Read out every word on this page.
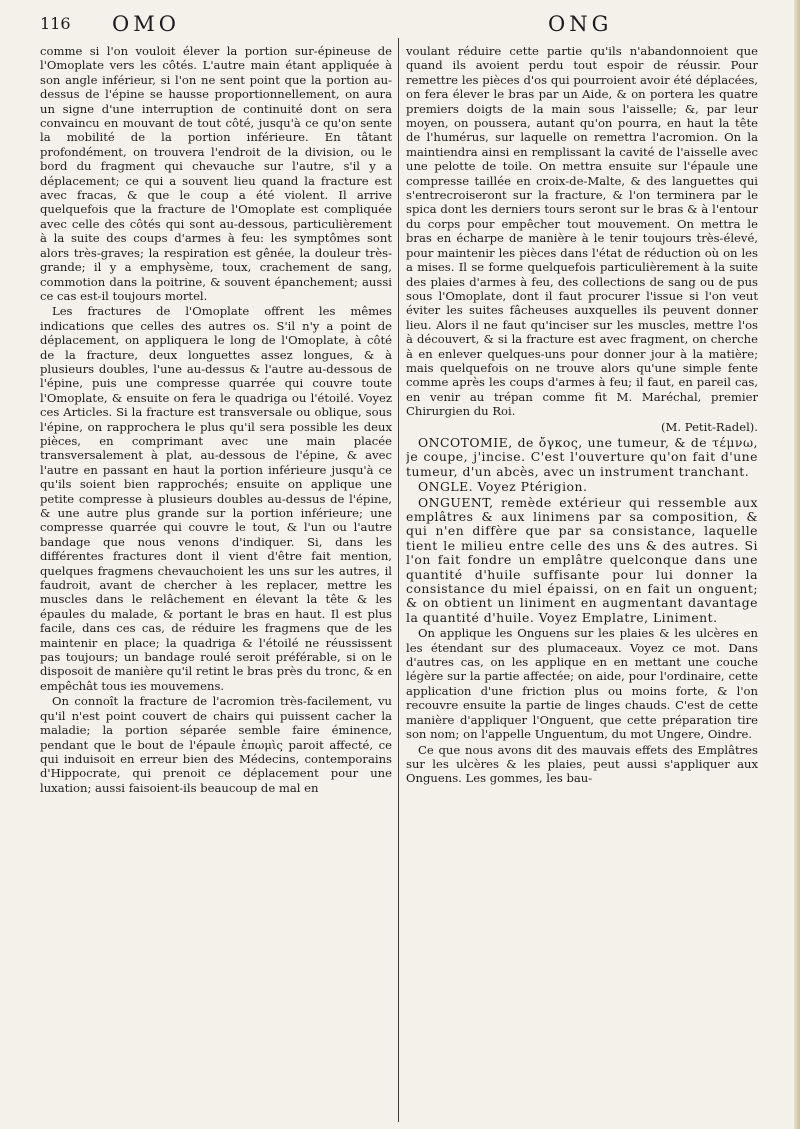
116 OMO	ONG

comme si l'on vouloit élever la portion sur-épineuse de l'Omoplate vers les côtés. L'autre main étant appliquée à son angle inférieur, si l'on ne sent point que la portion au-dessus de l'épine se hausse proportionnellement, on aura un signe d'une interruption de continuité dont on sera convaincu en mouvant de tout côté, jusqu'à ce qu'on sente la mobilité de la portion inférieure. En tâtant profondément, on trouvera l'endroit de la division, ou le bord du fragment qui chevauche sur l'autre, s'il y a déplacement; ce qui a souvent lieu quand la fracture est avec fracas, & que le coup a été violent. Il arrive quelquefois que la fracture de l'Omoplate est compliquée avec celle des côtés qui sont au-dessous, particulièrement à la suite des coups d'armes à feu: les symptômes sont alors très-graves; la respiration est gênée, la douleur très-grande; il y a emphysème, toux, crachement de sang, commotion dans la poitrine, & souvent épanchement; aussi ce cas est-il toujours mortel.

Les fractures de l'Omoplate offrent les mêmes indications que celles des autres os. S'il n'y a point de déplacement, on appliquera le long de l'Omoplate, à côté de la fracture, deux longuettes assez longues, & à plusieurs doubles, l'une au-dessus & l'autre au-dessous de l'épine, puis une compresse quarrée qui couvre toute l'Omoplate, & ensuite on fera le quadriga ou l'étoilé. Voyez ces Articles. Si la fracture est transversale ou oblique, sous l'épine, on rapprochera le plus qu'il sera possible les deux pièces, en comprimant avec une main placée transversalement à plat, au-dessous de l'épine, & avec l'autre en passant en haut la portion inférieure jusqu'à ce qu'ils soient bien rapprochés; ensuite on applique une petite compresse à plusieurs doubles au-dessus de l'épine, & une autre plus grande sur la portion inférieure; une compresse quarrée qui couvre le tout, & l'un ou l'autre bandage que nous venons d'indiquer. Si, dans les différentes fractures dont il vient d'être fait mention, quelques fragmens chevauchoient les uns sur les autres, il faudroit, avant de chercher à les replacer, mettre les muscles dans le relâchement en élevant la tête & les épaules du malade, & portant le bras en haut. Il est plus facile, dans ces cas, de réduire les fragmens que de les maintenir en place; la quadriga & l'étoilé ne réussissent pas toujours; un bandage roulé seroit préférable, si on le disposoit de manière qu'il retint le bras près du tronc, & en empêchât tous ies mouvemens.

On connoît la fracture de l'acromion très-facilement, vu qu'il n'est point couvert de chairs qui puissent cacher la maladie; la portion séparée semble faire éminence, pendant que le bout de l'épaule ἐπωμὶς paroit affecté, ce qui induisoit en erreur bien des Médecins, contemporains d'Hippocrate, qui prenoit ce déplacement pour une luxation; aussi faisoient-ils beaucoup de mal en

voulant réduire cette partie qu'ils n'abandonnoient que quand ils avoient perdu tout espoir de réussir. Pour remettre les pièces d'os qui pourroient avoir été déplacées, on fera élever le bras par un Aide, & on portera les quatre premiers doigts de la main sous l'aisselle; &, par leur moyen, on poussera, autant qu'on pourra, en haut la tête de l'humérus, sur laquelle on remettra l'acromion. On la maintiendra ainsi en remplissant la cavité de l'aisselle avec une pelotte de toile. On mettra ensuite sur l'épaule une compresse taillée en croix-de-Malte, & des languettes qui s'entrecroiseront sur la fracture, & l'on terminera par le spica dont les derniers tours seront sur le bras & à l'entour du corps pour empêcher tout mouvement. On mettra le bras en écharpe de manière à le tenir toujours très-élevé, pour maintenir les pièces dans l'état de réduction où on les a mises. Il se forme quelquefois particulièrement à la suite des plaies d'armes à feu, des collections de sang ou de pus sous l'Omoplate, dont il faut procurer l'issue si l'on veut éviter les suites fâcheuses auxquelles ils peuvent donner lieu. Alors il ne faut qu'inciser sur les muscles, mettre l'os à découvert, & si la fracture est avec fragment, on cherche à en enlever quelques-uns pour donner jour à la matière; mais quelquefois on ne trouve alors qu'une simple fente comme après les coups d'armes à feu; il faut, en pareil cas, en venir au trépan comme fit M. Maréchal, premier Chirurgien du Roi.

(M. Petit-Radel).

ONCOTOMIE, de ὄγκος, une tumeur, & de τέμνω, je coupe, j'incise. C'est l'ouverture qu'on fait d'une tumeur, d'un abcès, avec un instrument tranchant.

ONGLE. Voyez Ptérigion.

ONGUENT, remède extérieur qui ressemble aux emplâtres & aux linimens par sa composition, & qui n'en diffère que par sa consistance, laquelle tient le milieu entre celle des uns & des autres. Si l'on fait fondre un emplâtre quelconque dans une quantité d'huile suffisante pour lui donner la consistance du miel épaissi, on en fait un onguent; & on obtient un liniment en augmentant davantage la quantité d'huile. Voyez Emplatre, Liniment.

On applique les Onguens sur les plaies & les ulcères en les étendant sur des plumaceaux. Voyez ce mot. Dans d'autres cas, on les applique en en mettant une couche légère sur la partie affectée; on aide, pour l'ordinaire, cette application d'une friction plus ou moins forte, & l'on recouvre ensuite la partie de linges chauds. C'est de cette manière d'appliquer l'Onguent, que cette préparation tire son nom; on l'appelle Unguentum, du mot Ungere, Oindre.

Ce que nous avons dit des mauvais effets des Emplâtres sur les ulcères & les plaies, peut aussi s'appliquer aux Onguens. Les gommes, les bau-
